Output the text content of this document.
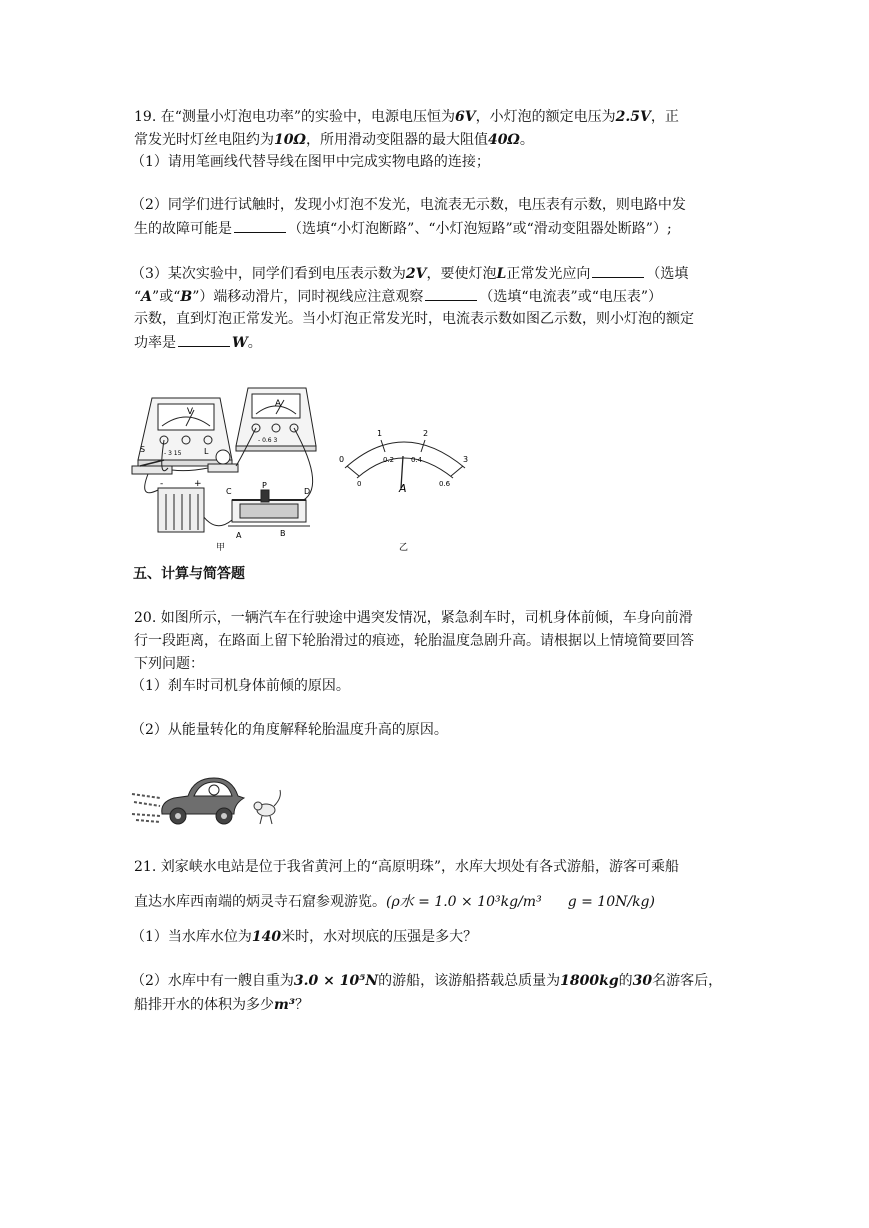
19. 在“测量小灯泡电功率”的实验中，电源电压恒为6V，小灯泡的额定电压为2.5V，正
常发光时灯丝电阻约为10Ω，所用滑动变阻器的最大阻值40Ω。
（1）请用笔画线代替导线在图甲中完成实物电路的连接；
（2）同学们进行试触时，发现小灯泡不发光，电流表无示数，电压表有示数，则电路中发
生的故障可能是	（选填“小灯泡断路”、“小灯泡短路”或“滑动变阻器处断路”）;
（3）某次实验中，同学们看到电压表示数为2V，要使灯泡L正常发光应向	（选填
“A”或“B”）端移动滑片，同时视线应注意观察	（选填“电流表”或“电压表”）
示数，直到灯泡正常发光。当小灯泡正常发光时，电流表示数如图乙示数，则小灯泡的额定
功率是	W。
V
A
- 3 15
- 0.6 3
S	L
-	+
C
P
D
A	B
甲
0
1	2
3
0
0.2 0.4
0.6
A
乙
五、计算与简答题
20. 如图所示，一辆汽车在行驶途中遇突发情况，紧急刹车时，司机身体前倾，车身向前滑
行一段距离，在路面上留下轮胎滑过的痕迹，轮胎温度急剧升高。请根据以上情境简要回答
下列问题：
（1）刹车时司机身体前倾的原因。
（2）从能量转化的角度解释轮胎温度升高的原因。
21. 刘家峡水电站是位于我省黄河上的“高原明珠”，水库大坝处有各式游船，游客可乘船
直达水库西南端的炳灵寺石窟参观游览。(ρ水 = 1.0 × 10³kg/m³ g = 10N/kg)
（1）当水库水位为140米时，水对坝底的压强是多大？
（2）水库中有一艘自重为3.0 × 10⁵N的游船，该游船搭载总质量为1800kg的30名游客后，
船排开水的体积为多少m³？
